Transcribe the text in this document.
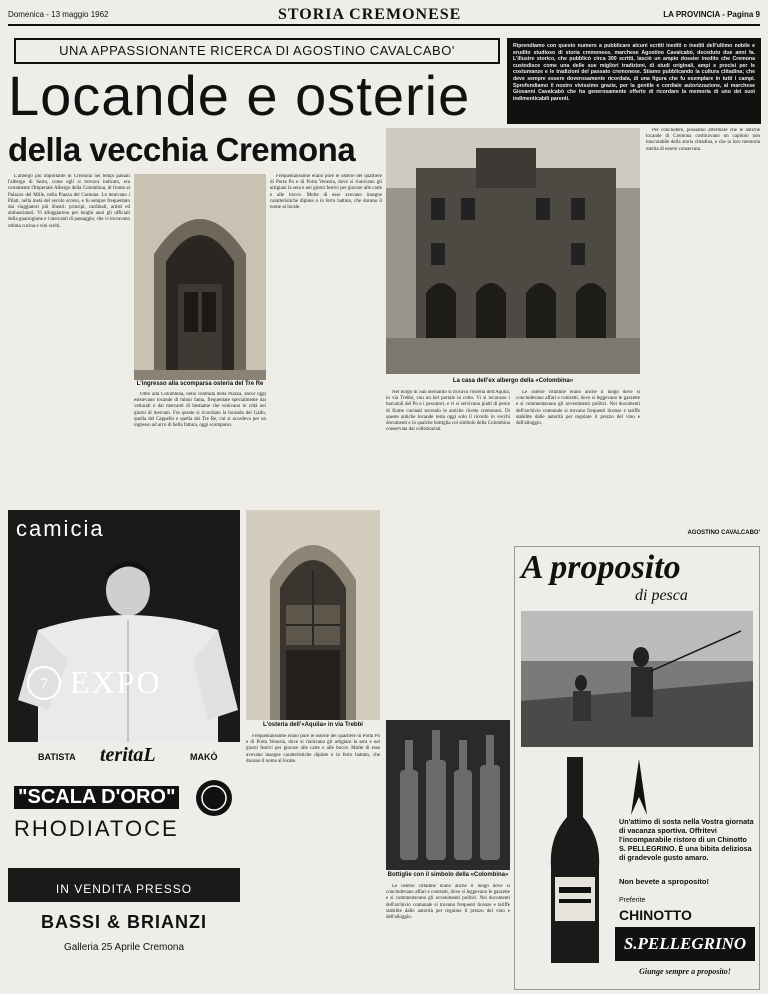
Domenica - 13 maggio 1962	STORIA CREMONESE	LA PROVINCIA - Pagina 9
UNA APPASSIONANTE RICERCA DI AGOSTINO CAVALCABO'	Riprendiamo con questo numero a pubblicare alcuni scritti inediti o inediti dell'ultimo nobile e erudito studioso di storia cremonese, marchese Agostino Cavalcabò, deceduto due anni fa. L'illustre storico, che pubblicò circa 300 scritti, lasciò un ampio dossier inedito che Cremona custodisce come una delle sue migliori tradizioni, di studi originali, ampi e precisi per le costumanze e le tradizioni del passato cremonese. Stiamo pubblicando la cultura cittadina; che deve sempre essere doverosamente ricordata, di una figura che fu esemplare in tutti i campi. Sprofondiamo il nostro vivissimo grazie, per la gentile e cordiale autorizzazione, al marchese Giovanni Cavalcabò che ha generosamente offerto di ricordare la memoria di uno dei suoi indimenticabili parenti.
Locande e osterie
della vecchia Cremona

L'albergo più importante in Cremona nei tempi passati l'albergo di Sesto, come egli si trovava indicato, era certamente l'Imperiale Albergo della Colombina, di fronte al Palazzo del Mille, nella Piazza del Comune. Lo tenevano i Pilati, nella metà del secolo scorso, e fu sempre frequentato dai viaggiatori più illustri: principi, cardinali, artisti ed ambasciatori. Vi alloggiarono per lunghi anni gli ufficiali della guarnigione e i mercanti di passaggio, che vi trovavano ottima cucina e vini scelti.

L'ingresso alla scomparsa osteria del Tre Re

Oltre alla Colombina, nella contrada della Piazza, ancor oggi esistevano locande di minor fama, frequentate specialmente dai vetturali e dai mercanti di bestiame che venivano in città nei giorni di mercato. Fra queste si ricordano la locanda del Gallo, quella del Cappello e quella dei Tre Re, cui si accedeva per un ingresso ad arco di bella fattura, oggi scomparso.

Frequentatissime erano pure le osterie del quartiere di Porta Po e di Porta Venezia, dove si riunivano gli artigiani la sera e nei giorni festivi per giocare alle carte e alle bocce. Molte di esse avevano insegne caratteristiche dipinte o in ferro battuto, che davano il nome al locale.

La casa dell'ex albergo della «Colombina»

Nel borgo di San Bernardo si trovava l'osteria dell'Aquila, in via Trebbi, con un bel portale in cotto. Vi si recavano i barcaioli del Po e i pescatori, e vi si servivano piatti di pesce di fiume cucinati secondo le antiche ricette cremonesi. Di queste antiche locande resta oggi solo il ricordo in vecchi documenti e in qualche bottiglia col simbolo della Colombina conservata dai collezionisti.

Le osterie cittadine erano anche il luogo dove si concludevano affari e contratti, dove si leggevano le gazzette e si commentavano gli avvenimenti politici. Nei documenti dell'archivio comunale si trovano frequenti licenze e tariffe stabilite dalle autorità per regolare il prezzo del vino e dell'alloggio.

Per concludere, possiamo affermare che le antiche locande di Cremona costituivano un capitolo non trascurabile della storia cittadina, e che la loro memoria merita di essere conservata.

AGOSTINO CAVALCABO'
L'osteria dell'«Aquila» in via Trebbi

Frequentatissime erano pure le osterie del quartiere di Porta Po e di Porta Venezia, dove si riunivano gli artigiani la sera e nei giorni festivi per giocare alle carte e alle bocce. Molte di esse avevano insegne caratteristiche dipinte o in ferro battuto, che davano il nome al locale.

Bottiglie con il simbolo della «Colombina»

Le osterie cittadine erano anche il luogo dove si concludevano affari e contratti, dove si leggevano le gazzette e si commentavano gli avvenimenti politici. Nei documenti dell'archivio comunale si trovano frequenti licenze e tariffe stabilite dalle autorità per regolare il prezzo del vino e dell'alloggio.

camicia
7 EXPO
BATISTA teritaL	MAKÒ
"SCALA D'ORO"
RHODIATOCE
IN VENDITA PRESSO
BASSI & BRIANZI
Galleria 25 Aprile Cremona
A proposito
di pesca
Un'attimo di sosta nella Vostra giornata di vacanza sportiva. Offritevi l'incomparabile ristoro di un Chinotto S. PELLEGRINO. È una bibita deliziosa di gradevole gusto amaro.
Non bevete a sproposito!
Preferite
CHINOTTO
S.PELLEGRINO
Giunge sempre a proposito!
